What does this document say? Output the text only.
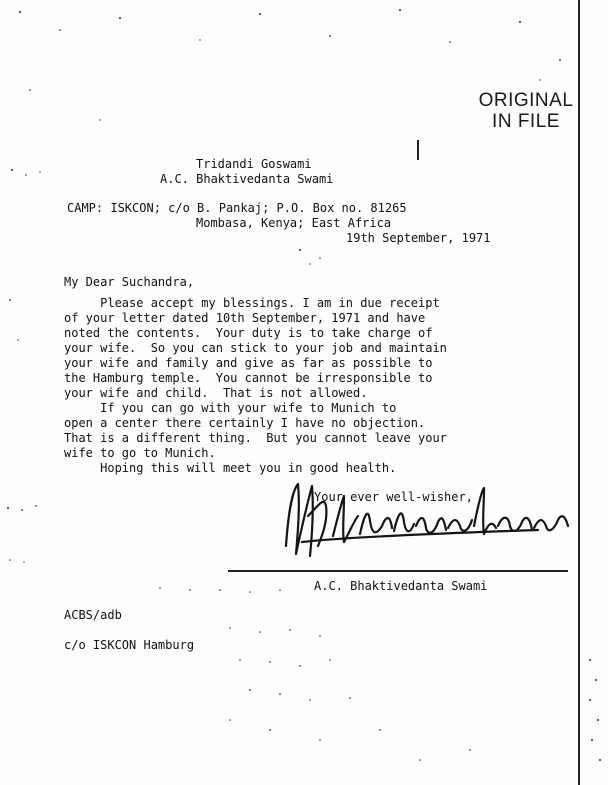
ORIGINAL
IN FILE
Tridandi Goswami
A.C. Bhaktivedanta Swami
CAMP: ISKCON; c/o B. Pankaj; P.O. Box no. 81265
Mombasa, Kenya; East Africa
19th September, 1971
My Dear Suchandra,
Please accept my blessings. I am in due receipt
of your letter dated 10th September, 1971 and have
noted the contents.  Your duty is to take charge of
your wife.  So you can stick to your job and maintain
your wife and family and give as far as possible to
the Hamburg temple.  You cannot be irresponsible to
your wife and child.  That is not allowed.
If you can go with your wife to Munich to
open a center there certainly I have no objection.
That is a different thing.  But you cannot leave your
wife to go to Munich.
Hoping this will meet you in good health.
Your ever well-wisher,
A.C. Bhaktivedanta Swami
ACBS/adb
c/o ISKCON Hamburg
